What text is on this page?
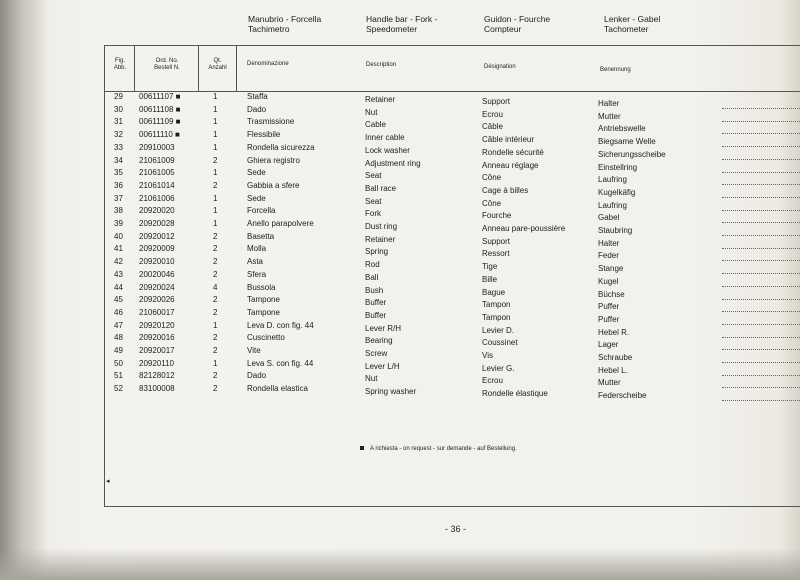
Manubrio - Forcella
Tachimetro
Handle bar - Fork -
Speedometer
Guidon - Fourche
Compteur
Lenker - Gabel
Tachometer
Fig.
Abb.
Ord. No.
Bestell N.
Qt.
Anzahl
Denominazione	Description	Désignation	Benennung
29 00611107 ■	1	Staffa	Retainer	Support	Halter
30 00611108 ■	1	Dado	Nut	Ecrou	Mutter
31 00611109 ■	1	Trasmissione	Cable	Câble	Antriebswelle
32 00611110 ■	1	Flessibile	Inner cable	Câble intérieur	Biegsame Welle
33 20910003	1	Rondella sicurezza	Lock washer	Rondelle sécurité	Sicherungsscheibe
34 21061009	2	Ghiera registro	Adjustment ring	Anneau réglage	Einstellring
35 21061005	1	Sede	Seat	Cône	Laufring
36 21061014	2	Gabbia a sfere	Ball race	Cage à billes	Kugelkäfig
37 21061006	1	Sede	Seat	Cône	Laufring
38 20920020	1	Forcella	Fork	Fourche	Gabel
39 20920028	1	Anello parapolvere	Dust ring	Anneau pare-poussière	Staubring
40 20920012	2	Basetta	Retainer	Support	Halter
41 20920009	2	Molla	Spring	Ressort	Feder
42 20920010	2	Asta	Rod	Tige	Stange
43 20020046	2	Sfera	Ball	Bille	Kugel
44 20920024	4	Bussola	Bush	Bague	Büchse
45 20920026	2	Tampone	Buffer	Tampon	Puffer
46 21060017	2	Tampone	Buffer	Tampon	Puffer
47 20920120	1	Leva D. con fig. 44	Lever R/H	Levier D.	Hebel R.
48 20920016	2	Cuscinetto	Bearing	Coussinet	Lager
49 20920017	2	Vite	Screw	Vis	Schraube
50 20920110	1	Leva S. con fig. 44	Lever L/H	Levier G.	Hebel L.
51 82128012	2	Dado	Nut	Ecrou	Mutter
52 83100008	2	Rondella elastica	Spring washer	Rondelle élastique	Federscheibe
A richiesta - on request - sur demande - auf Bestellung.
◂
- 36 -
